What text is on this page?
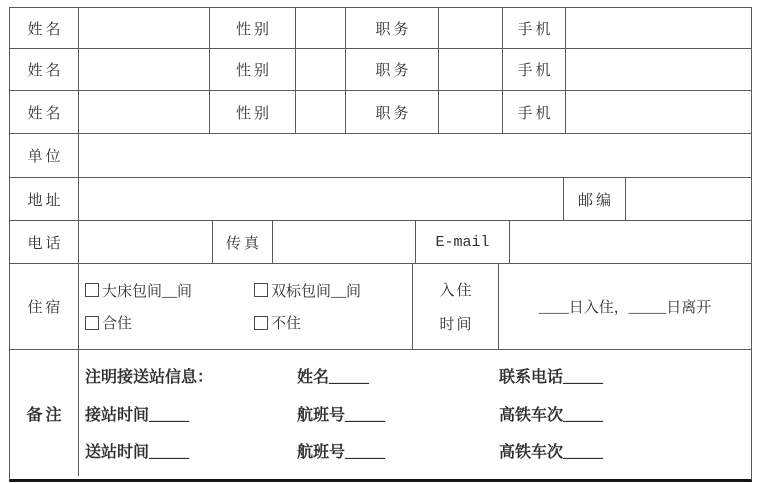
姓名	性别	职务	手机
姓名	性别	职务	手机
姓名	性别	职务	手机
单位
地址	邮编
电话	传真	E-mail
住宿
大床包间__间	双标包间__间
合住	不住
入住
时间
____日入住，_____日离开
备注
注明接送站信息：	姓名_____	联系电话_____
接站时间_____	航班号_____	高铁车次_____
送站时间_____	航班号_____	高铁车次_____
